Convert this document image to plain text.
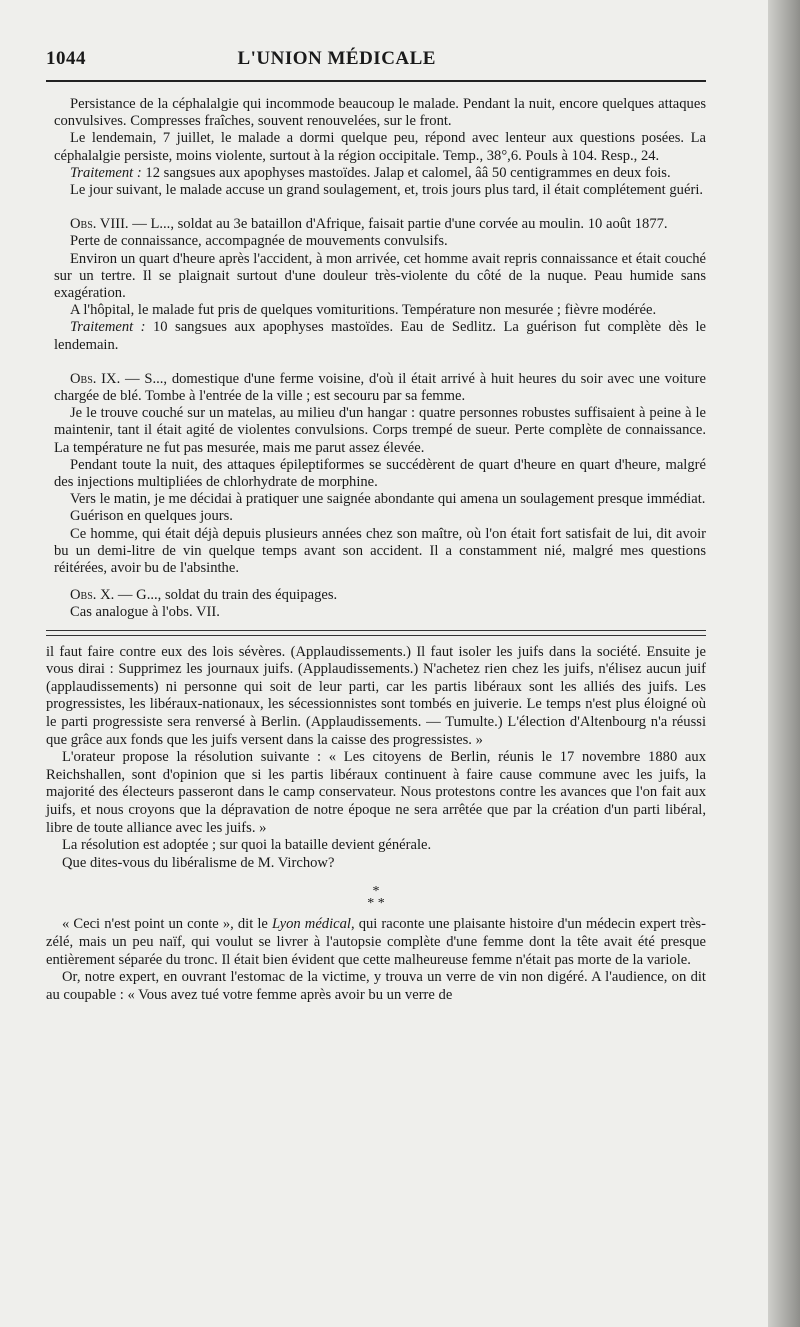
1044	L'UNION MÉDICALE

Persistance de la céphalalgie qui incommode beaucoup le malade. Pendant la nuit, encore quelques attaques convulsives. Compresses fraîches, souvent renouvelées, sur le front.

Le lendemain, 7 juillet, le malade a dormi quelque peu, répond avec lenteur aux questions posées. La céphalalgie persiste, moins violente, surtout à la région occipitale. Temp., 38°,6. Pouls à 104. Resp., 24.

Traitement : 12 sangsues aux apophyses mastoïdes. Jalap et calomel, ââ 50 centigrammes en deux fois.

Le jour suivant, le malade accuse un grand soulagement, et, trois jours plus tard, il était complétement guéri.

Obs. VIII. — L..., soldat au 3e bataillon d'Afrique, faisait partie d'une corvée au moulin. 10 août 1877.

Perte de connaissance, accompagnée de mouvements convulsifs.

Environ un quart d'heure après l'accident, à mon arrivée, cet homme avait repris connaissance et était couché sur un tertre. Il se plaignait surtout d'une douleur très-violente du côté de la nuque. Peau humide sans exagération.

A l'hôpital, le malade fut pris de quelques vomituritions. Température non mesurée ; fièvre modérée.

Traitement : 10 sangsues aux apophyses mastoïdes. Eau de Sedlitz. La guérison fut complète dès le lendemain.

Obs. IX. — S..., domestique d'une ferme voisine, d'où il était arrivé à huit heures du soir avec une voiture chargée de blé. Tombe à l'entrée de la ville ; est secouru par sa femme.

Je le trouve couché sur un matelas, au milieu d'un hangar : quatre personnes robustes suffisaient à peine à le maintenir, tant il était agité de violentes convulsions. Corps trempé de sueur. Perte complète de connaissance. La température ne fut pas mesurée, mais me parut assez élevée.

Pendant toute la nuit, des attaques épileptiformes se succédèrent de quart d'heure en quart d'heure, malgré des injections multipliées de chlorhydrate de morphine.

Vers le matin, je me décidai à pratiquer une saignée abondante qui amena un soulagement presque immédiat.

Guérison en quelques jours.

Ce homme, qui était déjà depuis plusieurs années chez son maître, où l'on était fort satisfait de lui, dit avoir bu un demi-litre de vin quelque temps avant son accident. Il a constamment nié, malgré mes questions réitérées, avoir bu de l'absinthe.

Obs. X. — G..., soldat du train des équipages.

Cas analogue à l'obs. VII.

il faut faire contre eux des lois sévères. (Applaudissements.) Il faut isoler les juifs dans la société. Ensuite je vous dirai : Supprimez les journaux juifs. (Applaudissements.) N'achetez rien chez les juifs, n'élisez aucun juif (applaudissements) ni personne qui soit de leur parti, car les partis libéraux sont les alliés des juifs. Les progressistes, les libéraux-nationaux, les sécessionnistes sont tombés en juiverie. Le temps n'est plus éloigné où le parti progressiste sera renversé à Berlin. (Applaudissements. — Tumulte.) L'élection d'Altenbourg n'a réussi que grâce aux fonds que les juifs versent dans la caisse des progressistes. »

L'orateur propose la résolution suivante : « Les citoyens de Berlin, réunis le 17 novembre 1880 aux Reichshallen, sont d'opinion que si les partis libéraux continuent à faire cause commune avec les juifs, la majorité des électeurs passeront dans le camp conservateur. Nous protestons contre les avances que l'on fait aux juifs, et nous croyons que la dépravation de notre époque ne sera arrêtée que par la création d'un parti libéral, libre de toute alliance avec les juifs. »

La résolution est adoptée ; sur quoi la bataille devient générale.

Que dites-vous du libéralisme de M. Virchow?

*
* *

« Ceci n'est point un conte », dit le Lyon médical, qui raconte une plaisante histoire d'un médecin expert très-zélé, mais un peu naïf, qui voulut se livrer à l'autopsie complète d'une femme dont la tête avait été presque entièrement séparée du tronc. Il était bien évident que cette malheureuse femme n'était pas morte de la variole.

Or, notre expert, en ouvrant l'estomac de la victime, y trouva un verre de vin non digéré. A l'audience, on dit au coupable : « Vous avez tué votre femme après avoir bu un verre de
